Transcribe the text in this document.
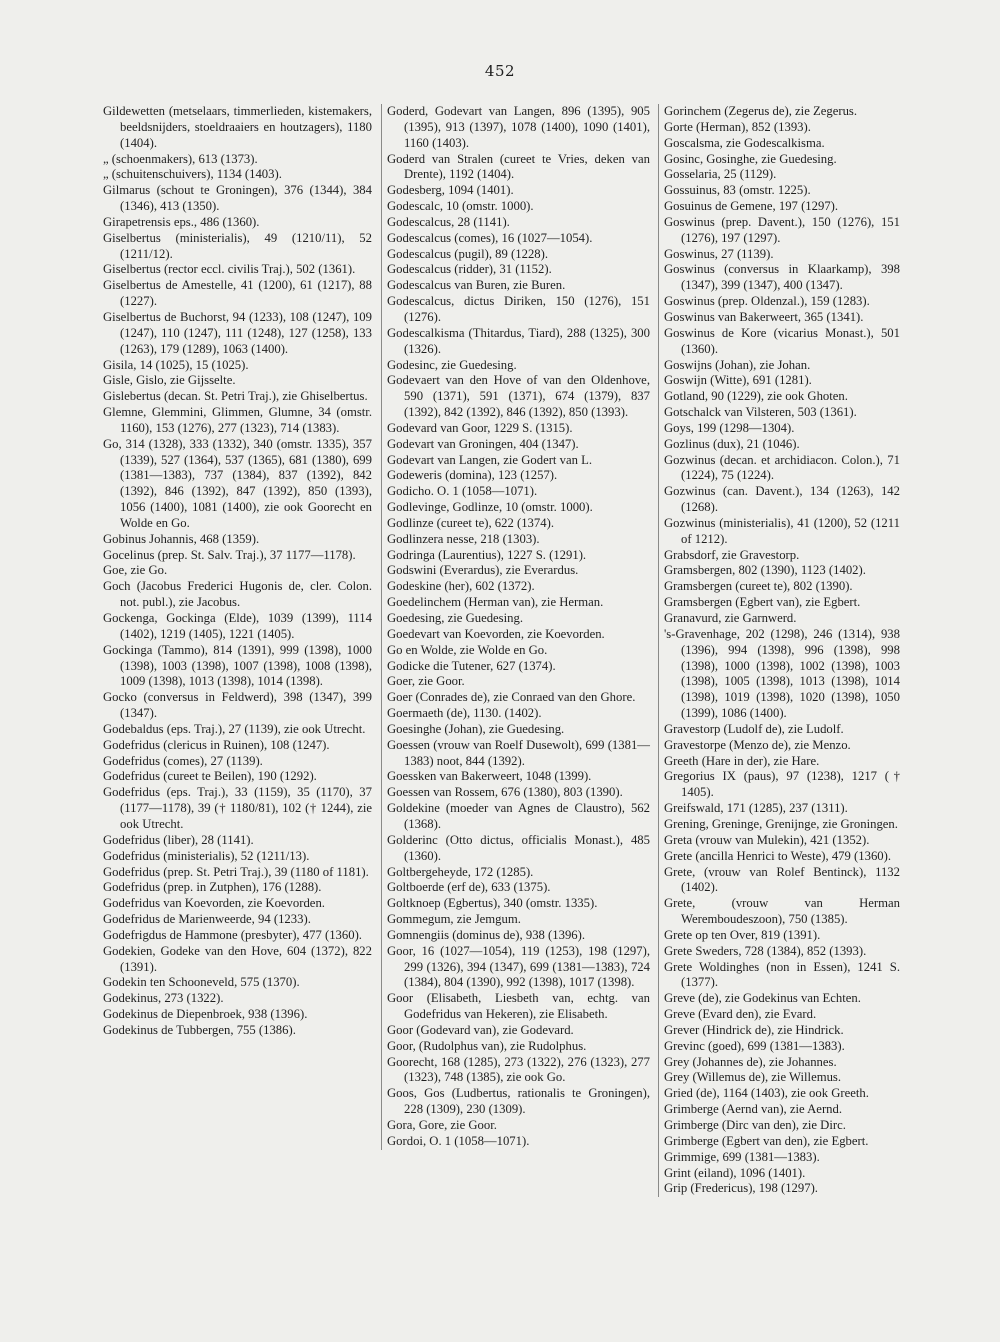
452

Gildewetten (metselaars, timmerlieden, kistemakers, beeldsnijders, stoeldraaiers en houtzagers), 1180 (1404).

„ (schoenmakers), 613 (1373).

„ (schuitenschuivers), 1134 (1403).

Gilmarus (schout te Groningen), 376 (1344), 384 (1346), 413 (1350).

Girapetrensis eps., 486 (1360).

Giselbertus (ministerialis), 49 (1210/11), 52 (1211/12).

Giselbertus (rector eccl. civilis Traj.), 502 (1361).

Giselbertus de Amestelle, 41 (1200), 61 (1217), 88 (1227).

Giselbertus de Buchorst, 94 (1233), 108 (1247), 109 (1247), 110 (1247), 111 (1248), 127 (1258), 133 (1263), 179 (1289), 1063 (1400).

Gisila, 14 (1025), 15 (1025).

Gisle, Gislo, zie Gijsselte.

Gislebertus (decan. St. Petri Traj.), zie Ghiselbertus.

Glemne, Glemmini, Glimmen, Glumne, 34 (omstr. 1160), 153 (1276), 277 (1323), 714 (1383).

Go, 314 (1328), 333 (1332), 340 (omstr. 1335), 357 (1339), 527 (1364), 537 (1365), 681 (1380), 699 (1381—1383), 737 (1384), 837 (1392), 842 (1392), 846 (1392), 847 (1392), 850 (1393), 1056 (1400), 1081 (1400), zie ook Goorecht en Wolde en Go.

Gobinus Johannis, 468 (1359).

Gocelinus (prep. St. Salv. Traj.), 37 1177—1178).

Goe, zie Go.

Goch (Jacobus Frederici Hugonis de, cler. Colon. not. publ.), zie Jacobus.

Gockenga, Gockinga (Elde), 1039 (1399), 1114 (1402), 1219 (1405), 1221 (1405).

Gockinga (Tammo), 814 (1391), 999 (1398), 1000 (1398), 1003 (1398), 1007 (1398), 1008 (1398), 1009 (1398), 1013 (1398), 1014 (1398).

Gocko (conversus in Feldwerd), 398 (1347), 399 (1347).

Godebaldus (eps. Traj.), 27 (1139), zie ook Utrecht.

Godefridus (clericus in Ruinen), 108 (1247).

Godefridus (comes), 27 (1139).

Godefridus (cureet te Beilen), 190 (1292).

Godefridus (eps. Traj.), 33 (1159), 35 (1170), 37 (1177—1178), 39 († 1180/81), 102 († 1244), zie ook Utrecht.

Godefridus (liber), 28 (1141).

Godefridus (ministerialis), 52 (1211/13).

Godefridus (prep. St. Petri Traj.), 39 (1180 of 1181).

Godefridus (prep. in Zutphen), 176 (1288).

Godefridus van Koevorden, zie Koevorden.

Godefridus de Marienweerde, 94 (1233).

Godefrigdus de Hammone (presbyter), 477 (1360).

Godekien, Godeke van den Hove, 604 (1372), 822 (1391).

Godekin ten Schooneveld, 575 (1370).

Godekinus, 273 (1322).

Godekinus de Diepenbroek, 938 (1396).

Godekinus de Tubbergen, 755 (1386).

Goderd, Godevart van Langen, 896 (1395), 905 (1395), 913 (1397), 1078 (1400), 1090 (1401), 1160 (1403).

Goderd van Stralen (cureet te Vries, deken van Drente), 1192 (1404).

Godesberg, 1094 (1401).

Godescalc, 10 (omstr. 1000).

Godescalcus, 28 (1141).

Godescalcus (comes), 16 (1027—1054).

Godescalcus (pugil), 89 (1228).

Godescalcus (ridder), 31 (1152).

Godescalcus van Buren, zie Buren.

Godescalcus, dictus Diriken, 150 (1276), 151 (1276).

Godescalkisma (Thitardus, Tiard), 288 (1325), 300 (1326).

Godesinc, zie Guedesing.

Godevaert van den Hove of van den Oldenhove, 590 (1371), 591 (1371), 674 (1379), 837 (1392), 842 (1392), 846 (1392), 850 (1393).

Godevard van Goor, 1229 S. (1315).

Godevart van Groningen, 404 (1347).

Godevart van Langen, zie Godert van L.

Godeweris (domina), 123 (1257).

Godicho. O. 1 (1058—1071).

Godlevinge, Godlinze, 10 (omstr. 1000).

Godlinze (cureet te), 622 (1374).

Godlinzera nesse, 218 (1303).

Godringa (Laurentius), 1227 S. (1291).

Godswini (Everardus), zie Everardus.

Godeskine (her), 602 (1372).

Goedelinchem (Herman van), zie Herman.

Goedesing, zie Guedesing.

Goedevart van Koevorden, zie Koevorden.

Go en Wolde, zie Wolde en Go.

Godicke die Tutener, 627 (1374).

Goer, zie Goor.

Goer (Conrades de), zie Conraed van den Ghore.

Goermaeth (de), 1130. (1402).

Goesinghe (Johan), zie Guedesing.

Goessen (vrouw van Roelf Dusewolt), 699 (1381—1383) noot, 844 (1392).

Goessken van Bakerweert, 1048 (1399).

Goessen van Rossem, 676 (1380), 803 (1390).

Goldekine (moeder van Agnes de Claustro), 562 (1368).

Golderinc (Otto dictus, officialis Monast.), 485 (1360).

Goltbergeheyde, 172 (1285).

Goltboerde (erf de), 633 (1375).

Goltknoep (Egbertus), 340 (omstr. 1335).

Gommegum, zie Jemgum.

Gomnengiis (dominus de), 938 (1396).

Goor, 16 (1027—1054), 119 (1253), 198 (1297), 299 (1326), 394 (1347), 699 (1381—1383), 724 (1384), 804 (1390), 992 (1398), 1017 (1398).

Goor (Elisabeth, Liesbeth van, echtg. van Godefridus van Hekeren), zie Elisabeth.

Goor (Godevard van), zie Godevard.

Goor, (Rudolphus van), zie Rudolphus.

Goorecht, 168 (1285), 273 (1322), 276 (1323), 277 (1323), 748 (1385), zie ook Go.

Goos, Gos (Ludbertus, rationalis te Groningen), 228 (1309), 230 (1309).

Gora, Gore, zie Goor.

Gordoi, O. 1 (1058—1071).

Gorinchem (Zegerus de), zie Zegerus.

Gorte (Herman), 852 (1393).

Goscalsma, zie Godescalkisma.

Gosinc, Gosinghe, zie Guedesing.

Gosselaria, 25 (1129).

Gossuinus, 83 (omstr. 1225).

Gosuinus de Gemene, 197 (1297).

Goswinus (prep. Davent.), 150 (1276), 151 (1276), 197 (1297).

Goswinus, 27 (1139).

Goswinus (conversus in Klaarkamp), 398 (1347), 399 (1347), 400 (1347).

Goswinus (prep. Oldenzal.), 159 (1283).

Goswinus van Bakerweert, 365 (1341).

Goswinus de Kore (vicarius Monast.), 501 (1360).

Goswijns (Johan), zie Johan.

Goswijn (Witte), 691 (1281).

Gotland, 90 (1229), zie ook Ghoten.

Gotschalck van Vilsteren, 503 (1361).

Goys, 199 (1298—1304).

Gozlinus (dux), 21 (1046).

Gozwinus (decan. et archidiacon. Colon.), 71 (1224), 75 (1224).

Gozwinus (can. Davent.), 134 (1263), 142 (1268).

Gozwinus (ministerialis), 41 (1200), 52 (1211 of 1212).

Grabsdorf, zie Gravestorp.

Gramsbergen, 802 (1390), 1123 (1402).

Gramsbergen (cureet te), 802 (1390).

Gramsbergen (Egbert van), zie Egbert.

Granavurd, zie Garnwerd.

's-Gravenhage, 202 (1298), 246 (1314), 938 (1396), 994 (1398), 996 (1398), 998 (1398), 1000 (1398), 1002 (1398), 1003 (1398), 1005 (1398), 1013 (1398), 1014 (1398), 1019 (1398), 1020 (1398), 1050 (1399), 1086 (1400).

Gravestorp (Ludolf de), zie Ludolf.

Gravestorpe (Menzo de), zie Menzo.

Greeth (Hare in der), zie Hare.

Gregorius IX (paus), 97 (1238), 1217 († 1405).

Greifswald, 171 (1285), 237 (1311).

Grening, Greninge, Grenijnge, zie Groningen.

Greta (vrouw van Mulekin), 421 (1352).

Grete (ancilla Henrici to Weste), 479 (1360).

Grete, (vrouw van Rolef Bentinck), 1132 (1402).

Grete, (vrouw van Herman Weremboudeszoon), 750 (1385).

Grete op ten Over, 819 (1391).

Grete Sweders, 728 (1384), 852 (1393).

Grete Woldinghes (non in Essen), 1241 S. (1377).

Greve (de), zie Godekinus van Echten.

Greve (Evard den), zie Evard.

Grever (Hindrick de), zie Hindrick.

Grevinc (goed), 699 (1381—1383).

Grey (Johannes de), zie Johannes.

Grey (Willemus de), zie Willemus.

Gried (de), 1164 (1403), zie ook Greeth.

Grimberge (Aernd van), zie Aernd.

Grimberge (Dirc van den), zie Dirc.

Grimberge (Egbert van den), zie Egbert.

Grimmige, 699 (1381—1383).

Grint (eiland), 1096 (1401).

Grip (Fredericus), 198 (1297).
